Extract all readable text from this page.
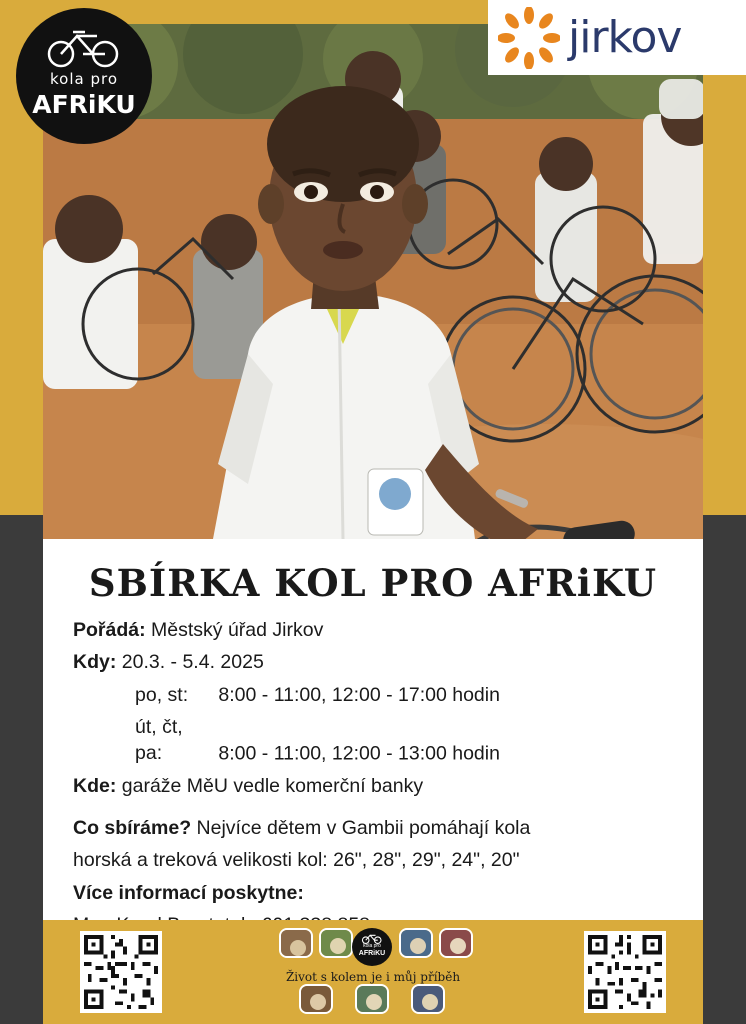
kola pro
AFRiKU
jirkov
SBÍRKA KOL PRO AFRiKU
Pořádá: Městský úřad Jirkov
Kdy: 20.3. - 5.4. 2025
po, st: 8:00 - 11:00, 12:00 - 17:00 hodin
út, čt, pa:	8:00 - 11:00, 12:00 - 13:00 hodin
Kde: garáže MěU vedle komerční banky
Co sbíráme? Nejvíce dětem v Gambii pomáhají kola
horská a treková velikosti kol: 26", 28", 29", 24", 20"
Více informací poskytne:
kola pro
AFRiKU
Život s kolem je i můj příběh
